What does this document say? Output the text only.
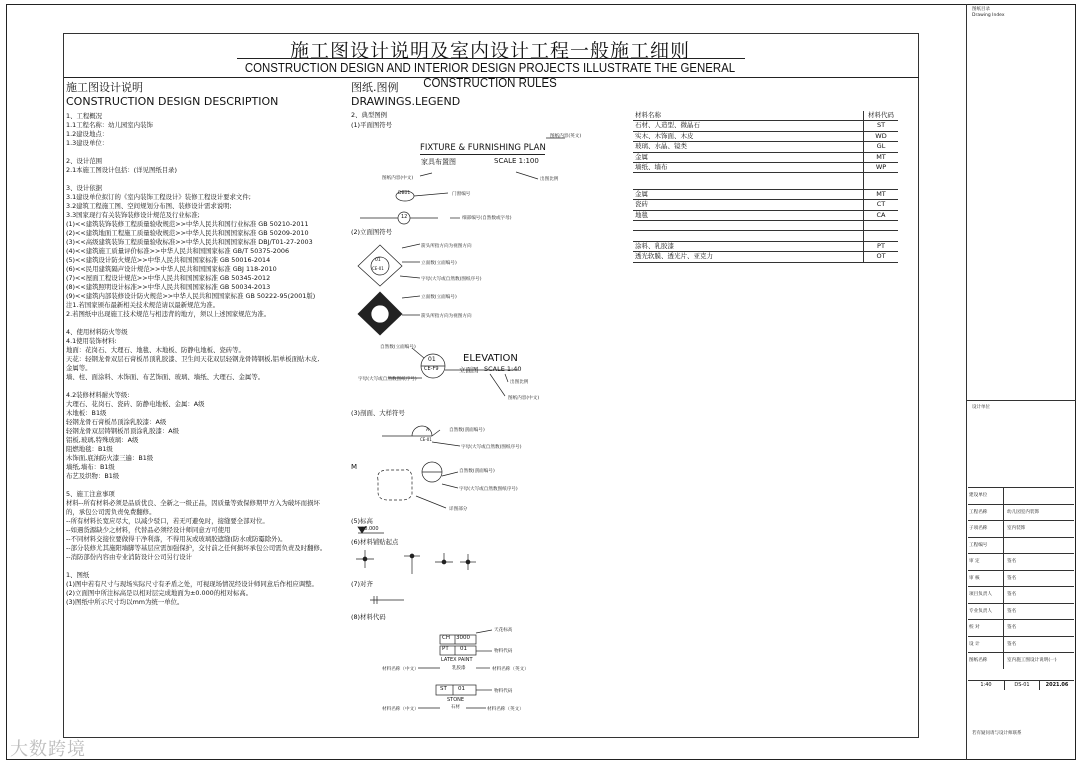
施工图设计说明及室内设计工程一般施工细则
CONSTRUCTION DESIGN AND INTERIOR DESIGN PROJECTS ILLUSTRATE THE GENERAL CONSTRUCTION RULES
施工图设计说明
CONSTRUCTION DESIGN DESCRIPTION
1、工程概况
1.1工程名称：幼儿园室内装饰
1.2建设地点：
1.3建设单位：
2、设计范围
2.1本施工图设计包括：(详见图纸目录)
3、设计依据
3.1建设单位拟订的《室内装饰工程设计》装修工程设计要求文件;
3.2建筑工程施工图、空间规划分布图、装修设计需求说明;
3.3国家现行有关装饰装修设计规范及行业标准;
(1)<<建筑装饰装修工程质量验收规范>>中华人民共和国行业标准 GB 50210-2011
(2)<<建筑地面工程施工质量验收规范>>中华人民共和国国家标准 GB 50209-2010
(3)<<高级建筑装饰工程质量验收标准>>中华人民共和国国家标准 DBJ/T01-27-2003
(4)<<建筑施工质量评价标准>>中华人民共和国国家标准 GB/T 50375-2006
(5)<<建筑设计防火规范>>中华人民共和国国家标准 GB 50016-2014
(6)<<民用建筑隔声设计规范>>中华人民共和国国家标准 GBJ 118-2010
(7)<<屋面工程设计规范>>中华人民共和国国家标准 GB 50345-2012
(8)<<建筑照明设计标准>>中华人民共和国国家标准 GB 50034-2013
(9)<<建筑内部装修设计防火规范>>中华人民共和国国家标准 GB 50222-95(2001版)
注1.若国家颁布最新相关技术规范请以最新规范为准。
2.若图纸中出现施工技术规范与相违背的地方，须以上述国家规范为准。
4、使用材料防火等级
4.1使用装饰材料:
地面：花岗石、大理石、地毯、木地板、防静电地板、瓷砖等。
天花：轻钢龙骨双层石膏板吊顶乳胶漆、卫生间天花双层轻钢龙骨铸钢板,铝单板面贴木皮,
金属等。
墙、柱、面涂料、木饰面、布艺饰面、玻璃、墙纸、大理石、金属等。
4.2装修材料耐火等级:
大理石、花岗石、瓷砖、防静电地板、金属：A级
木地板：B1级
轻钢龙骨石膏板吊顶涂乳胶漆：A级
轻钢龙骨双层铸钢板吊顶涂乳胶漆：A级
铝板,玻璃,特殊玻璃：A级
阻燃地毯：B1级
木饰面,底油防火漆三遍：B1级
墙纸,墙布：B1级
布艺及织物：B1级
5、施工注意事项
材料--所有材料必须是品质优良、全新之一级正品，因质量等致保修期甲方入为破坏而损坏
的，承包公司需负责免费翻修。
--所有材料长宽应尽大，以减少驳口，若无可避免时，接缝要全部对位。
--如遇货源缺少之材料，代替品必须经设计师同意方可使用
--不同材料交接位要做得干净利落，不得用灰或玻璃胶遮缝(防水或防霉除外)。
--部分装修尤其施阳墙脚等基层应需加强保护，交付前之任何损坏承包公司需负责及时翻修。
--消防部份内容由专业消防设计公司另行设计
1、图纸
(1)图中若有尺寸与现场实际尺寸有矛盾之处，可视现场情况经设计师同意后作相应调整。
(2)立面图中所注标高是以相对层完成地面为±0.000的相对标高。
(3)图纸中所示尺寸均以mm为统一单位。
图纸.图例
DRAWINGS.LEGEND
2、典型图例
(1)平面图符号
FIXTURE & FURNISHING PLAN
家具布置图	SCALE 1:100
图纸内容(英文)
图纸内容(中文)	出图比例
DB01	门窗编号
12	细部编号(自然数或字母)
(2)立面图符号
箭头所指方向为视图方向
立面数(立面编号)
字母(大写或自然数)图纸序号)
01
CE-01
立面数(立面编号)
箭头所指方向为视图方向
01
CE-F9
ELEVATION
立面图 SCALE 1:40
自然数(立面编号)
字母(大写或自然数图纸序号)
出图比例
图纸内容(中文)
(3)剖面、大样符号
A
CE-01
自然数(剖面编号)
字母(大写或自然数)图纸序号)
M
自然数(剖面编号)
字母(大写或自然数图纸序号)
详图部分
(5)标高
±0.000
(6)材料铺贴起点
(7)对齐
(8)材料代码
CH 3000
PT 01
天花标高
物料代码
LATEX PAINT
乳胶漆
材料名称（中文）	材料名称（英文）
ST 01	物料代码
STONE
石材
材料名称（中文）	材料名称（英文）
材料名称	材料代码
石材、人造型、微晶石	ST
实木、木饰面、木皮	WD
玻璃、水晶、镜类	GL
金属	MT
墙纸、墙布	WP

金属	MT
瓷砖	CT
地毯	CA

涂料、乳胶漆	PT
透光软膜、透光片、亚克力	OT
图纸目录
Drawing Index
设计单位
建设单位
工程名称	幼儿园室内装饰
子项名称	室内装饰
工程编号
审 定	签名
审 核	签名
项目负责人	签名
专业负责人	签名
校 对	签名
设 计	签名
图纸名称	室内施工图设计说明(一)
1:40	DS-01	2021.06
若有疑问请与设计师联系
大数跨境
